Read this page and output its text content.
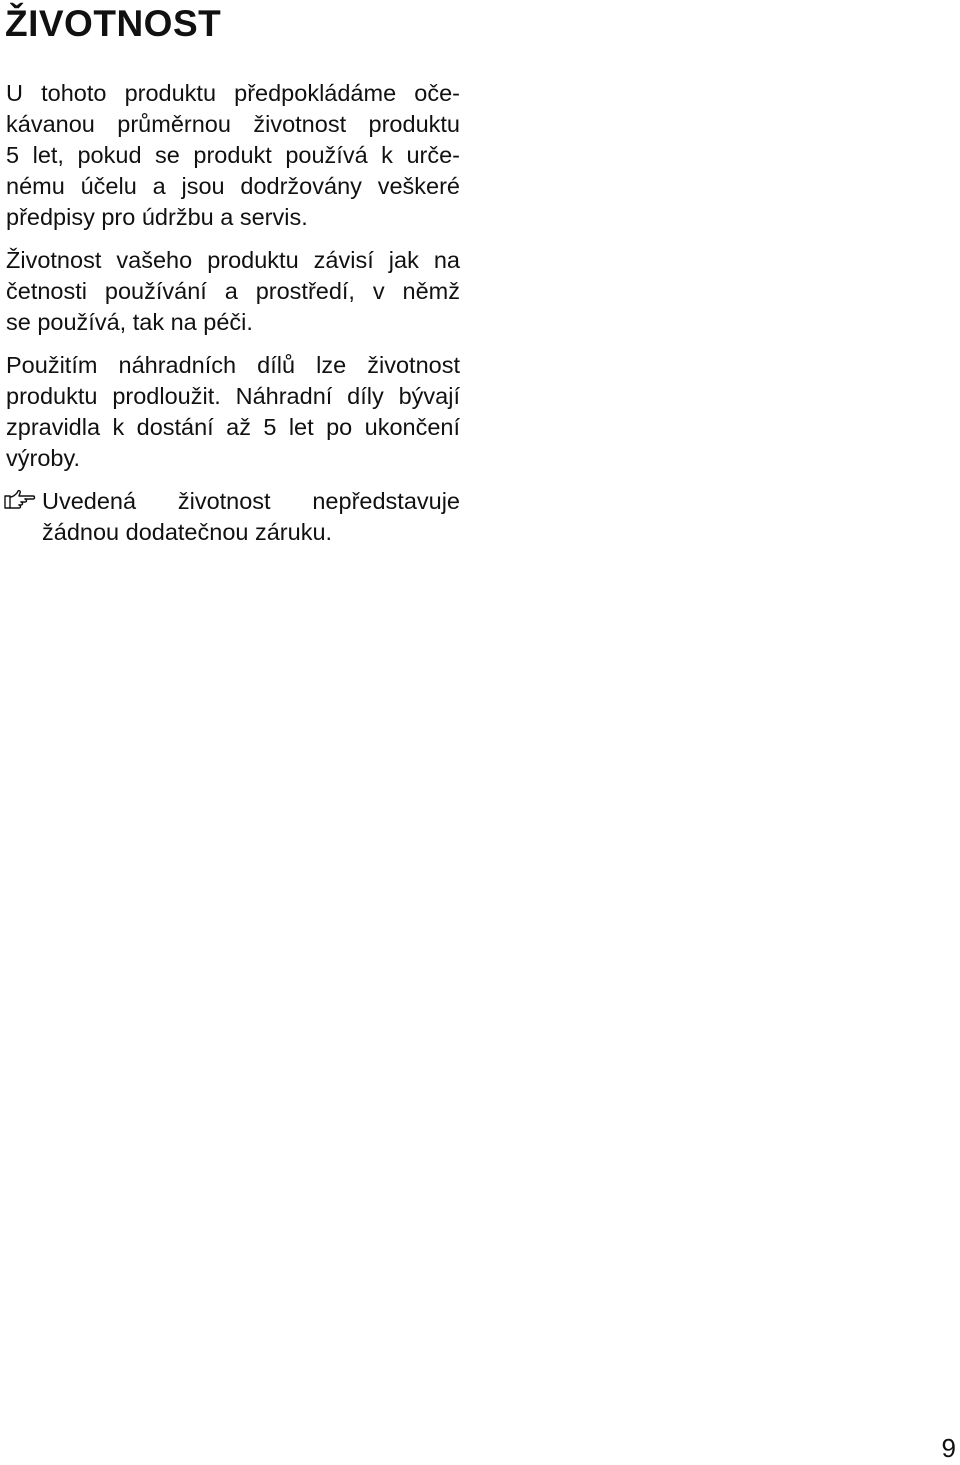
ŽIVOTNOST

U tohoto produktu předpokládáme oče-
kávanou průměrnou životnost produktu
5 let, pokud se produkt používá k urče-
nému účelu a jsou dodržovány veškeré
předpisy pro údržbu a servis.

Životnost vašeho produktu závisí jak na
četnosti používání a prostředí, v němž
se používá, tak na péči.

Použitím náhradních dílů lze životnost
produktu prodloužit. Náhradní díly bývají
zpravidla k dostání až 5 let po ukončení
výroby.

Uvedená životnost nepředstavuje
žádnou dodatečnou záruku.
9
